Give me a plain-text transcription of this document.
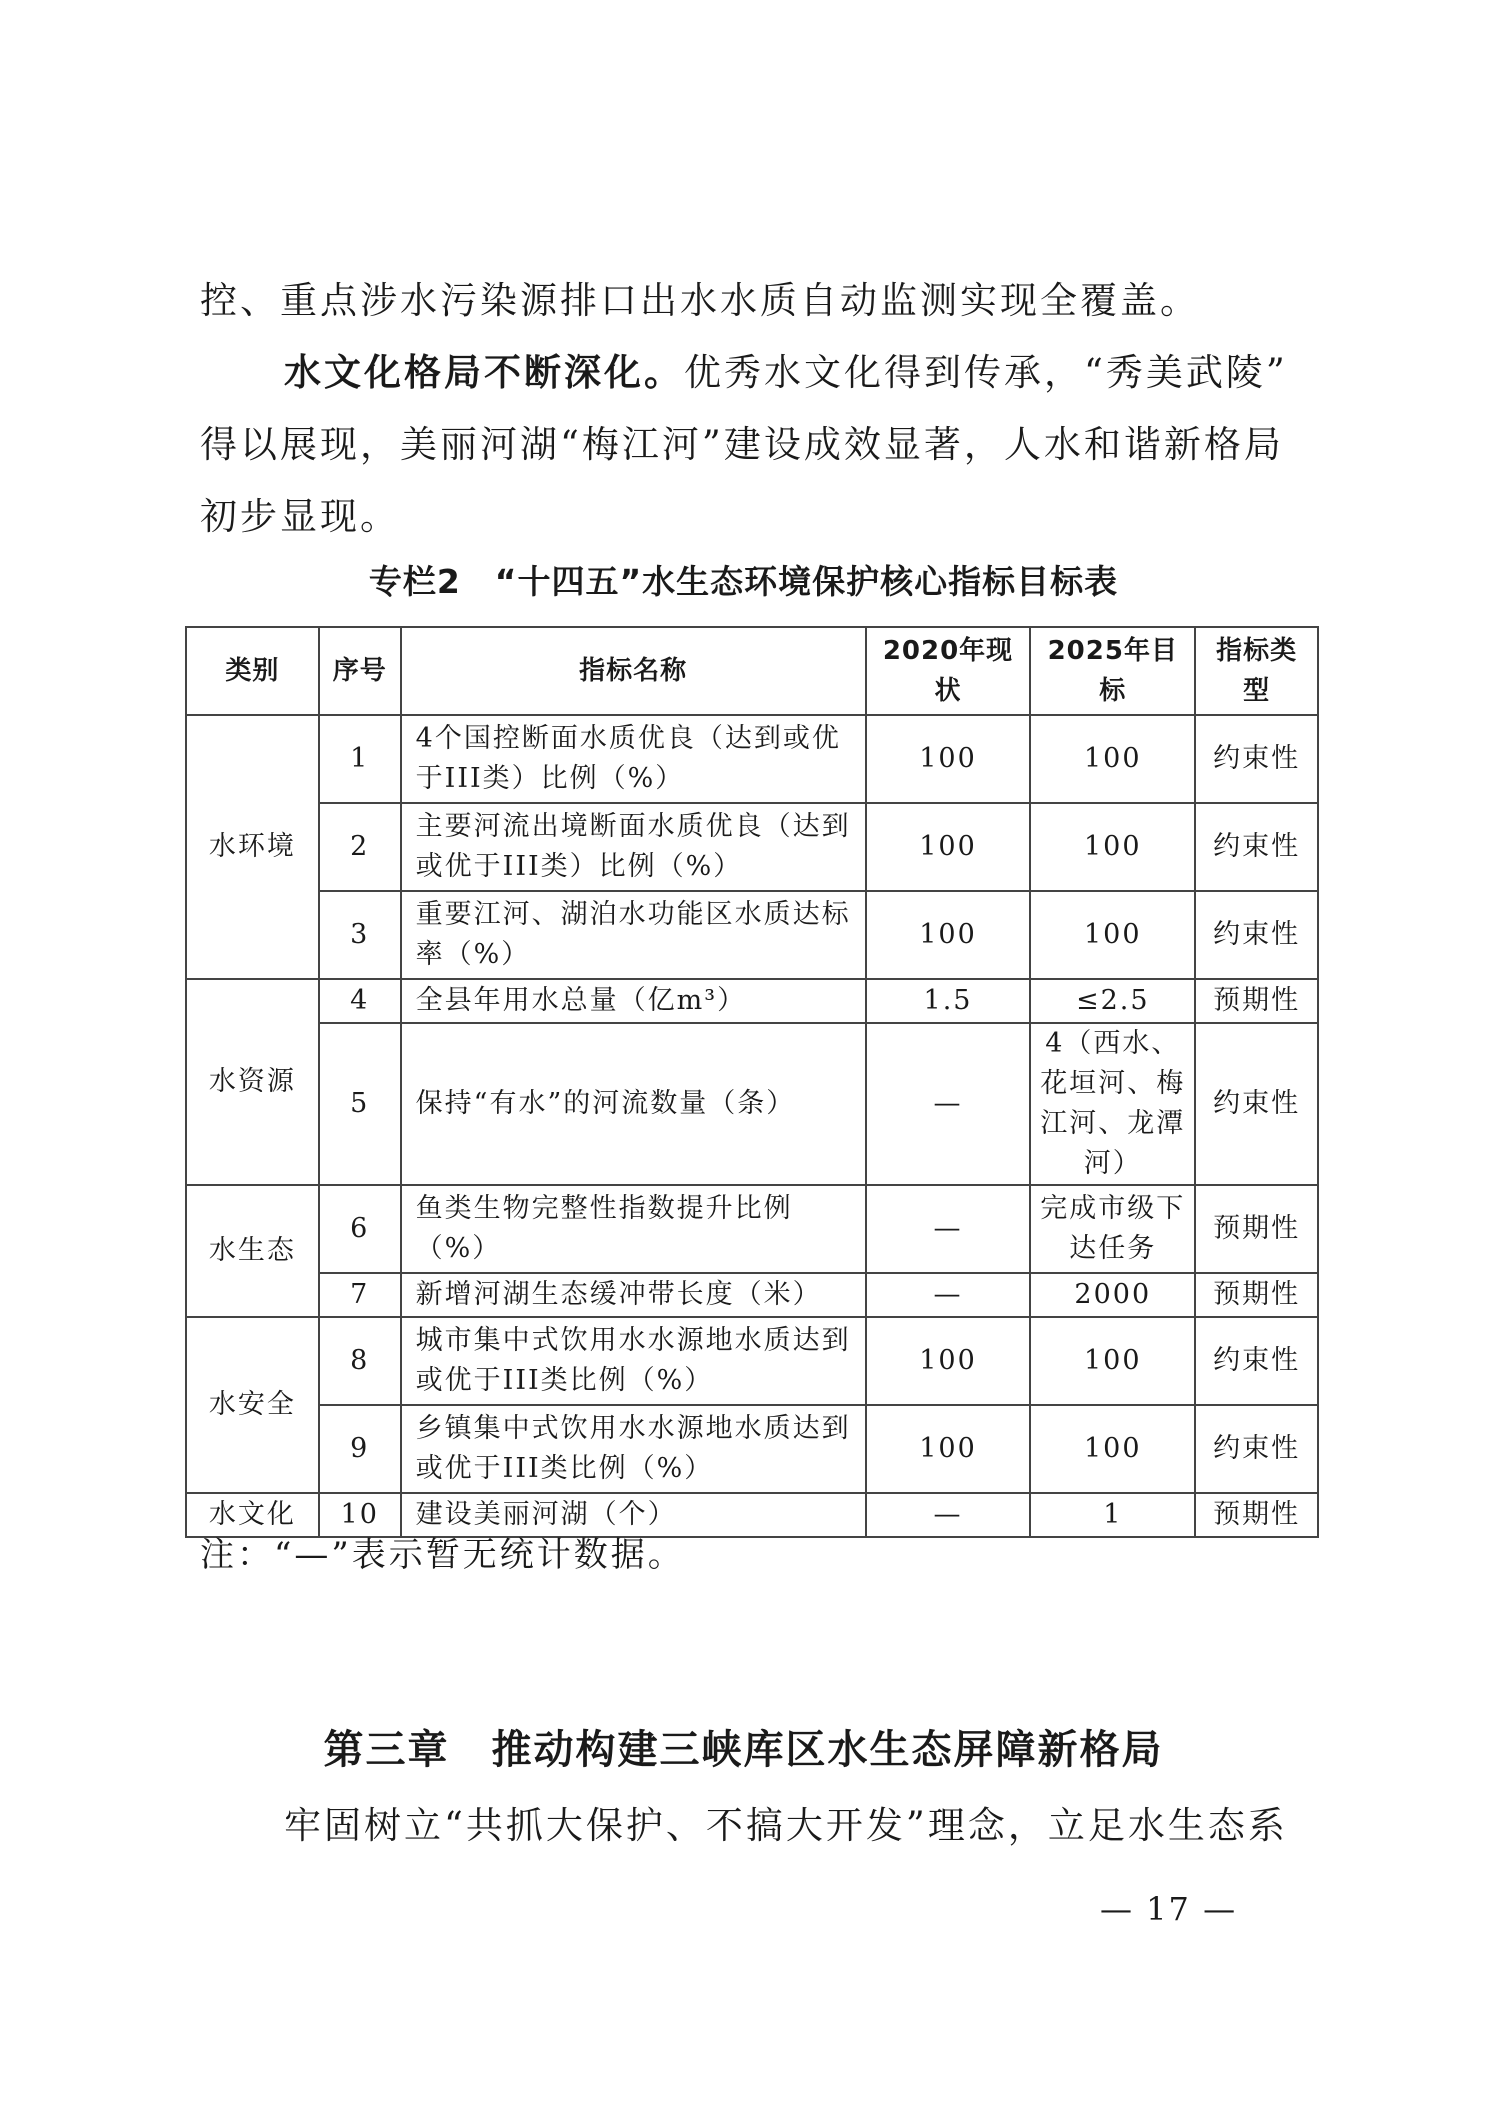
控、重点涉水污染源排口出水水质自动监测实现全覆盖。
水文化格局不断深化。优秀水文化得到传承，“秀美武陵”
得以展现，美丽河湖“梅江河”建设成效显著，人水和谐新格局
初步显现。
专栏2　“十四五”水生态环境保护核心指标目标表
类别	序号	指标名称	2020年现状	2025年目标	指标类型
水环境	1	4个国控断面水质优良（达到或优于III类）比例（%）	100	100	约束性
	2	主要河流出境断面水质优良（达到或优于III类）比例（%）	100	100	约束性
	3	重要江河、湖泊水功能区水质达标率（%）	100	100	约束性
水资源	4	全县年用水总量（亿m³）	1.5	≤2.5	预期性
	5	保持“有水”的河流数量（条）	—	4（西水、花垣河、梅江河、龙潭河）	约束性
水生态	6	鱼类生物完整性指数提升比例（%）	—	完成市级下达任务	预期性
	7	新增河湖生态缓冲带长度（米）	—	2000	预期性
水安全	8	城市集中式饮用水水源地水质达到或优于III类比例（%）	100	100	约束性
	9	乡镇集中式饮用水水源地水质达到或优于III类比例（%）	100	100	约束性
水文化	10	建设美丽河湖（个）	—	1	预期性
注：“—”表示暂无统计数据。
第三章　推动构建三峡库区水生态屏障新格局
牢固树立“共抓大保护、不搞大开发”理念，立足水生态系
— 17 —
